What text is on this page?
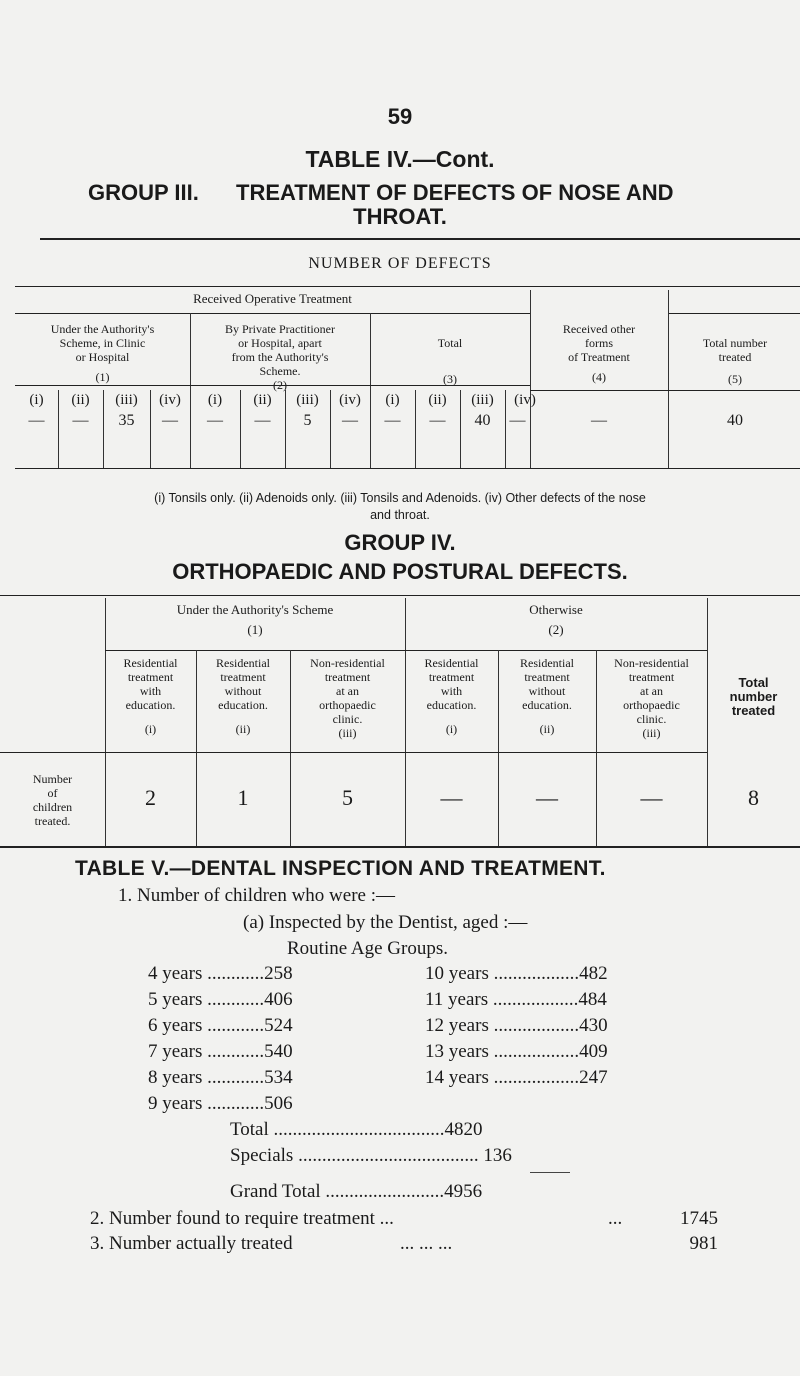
59
TABLE IV.—Cont.
GROUP III. TREATMENT OF DEFECTS OF NOSE AND
THROAT.
NUMBER OF DEFECTS
Received Operative Treatment
Under the Authority's
Scheme, in Clinic
or Hospital
(1)
By Private Practitioner
or Hospital, apart
from the Authority's
Scheme.
(2)
Total
(3)
Received other
forms
of Treatment
(4)
Total number
treated
(5)
(i)	(ii)	(iii)	(iv)	(i)	(ii)	(iii)	(iv)	(i)	(ii)	(iii)	(iv)
—	—	35	—	—	—	5	—	—	—	40	—	—	40
(i) Tonsils only. (ii) Adenoids only. (iii) Tonsils and Adenoids. (iv) Other defects of the nose
and throat.
GROUP IV.
ORTHOPAEDIC AND POSTURAL DEFECTS.
Under the Authority's Scheme
(1)
Otherwise
(2)
Total
number
treated
Residential
treatment
with
education.
(i)
Residential
treatment
without
education.
(ii)
Non-residential
treatment
at an
orthopaedic
clinic.
(iii)
Residential
treatment
with
education.
(i)
Residential
treatment
without
education.
(ii)
Non-residential
treatment
at an
orthopaedic
clinic.
(iii)
Number
of
children
treated.
2	1	5	—	—	—	8
TABLE V.—DENTAL INSPECTION AND TREATMENT.
1. Number of children who were :—
(a) Inspected by the Dentist, aged :—
Routine Age Groups.
4 years ............258
5 years ............406
6 years ............524
7 years ............540
8 years ............534
9 years ............506
10 years ..................482
11 years ..................484
12 years ..................430
13 years ..................409
14 years ..................247
Total ....................................4820
Specials ...................................... 136
Grand Total .........................4956
2. Number found to require treatment ...	...	1745
3. Number actually treated	... ... ...	981
